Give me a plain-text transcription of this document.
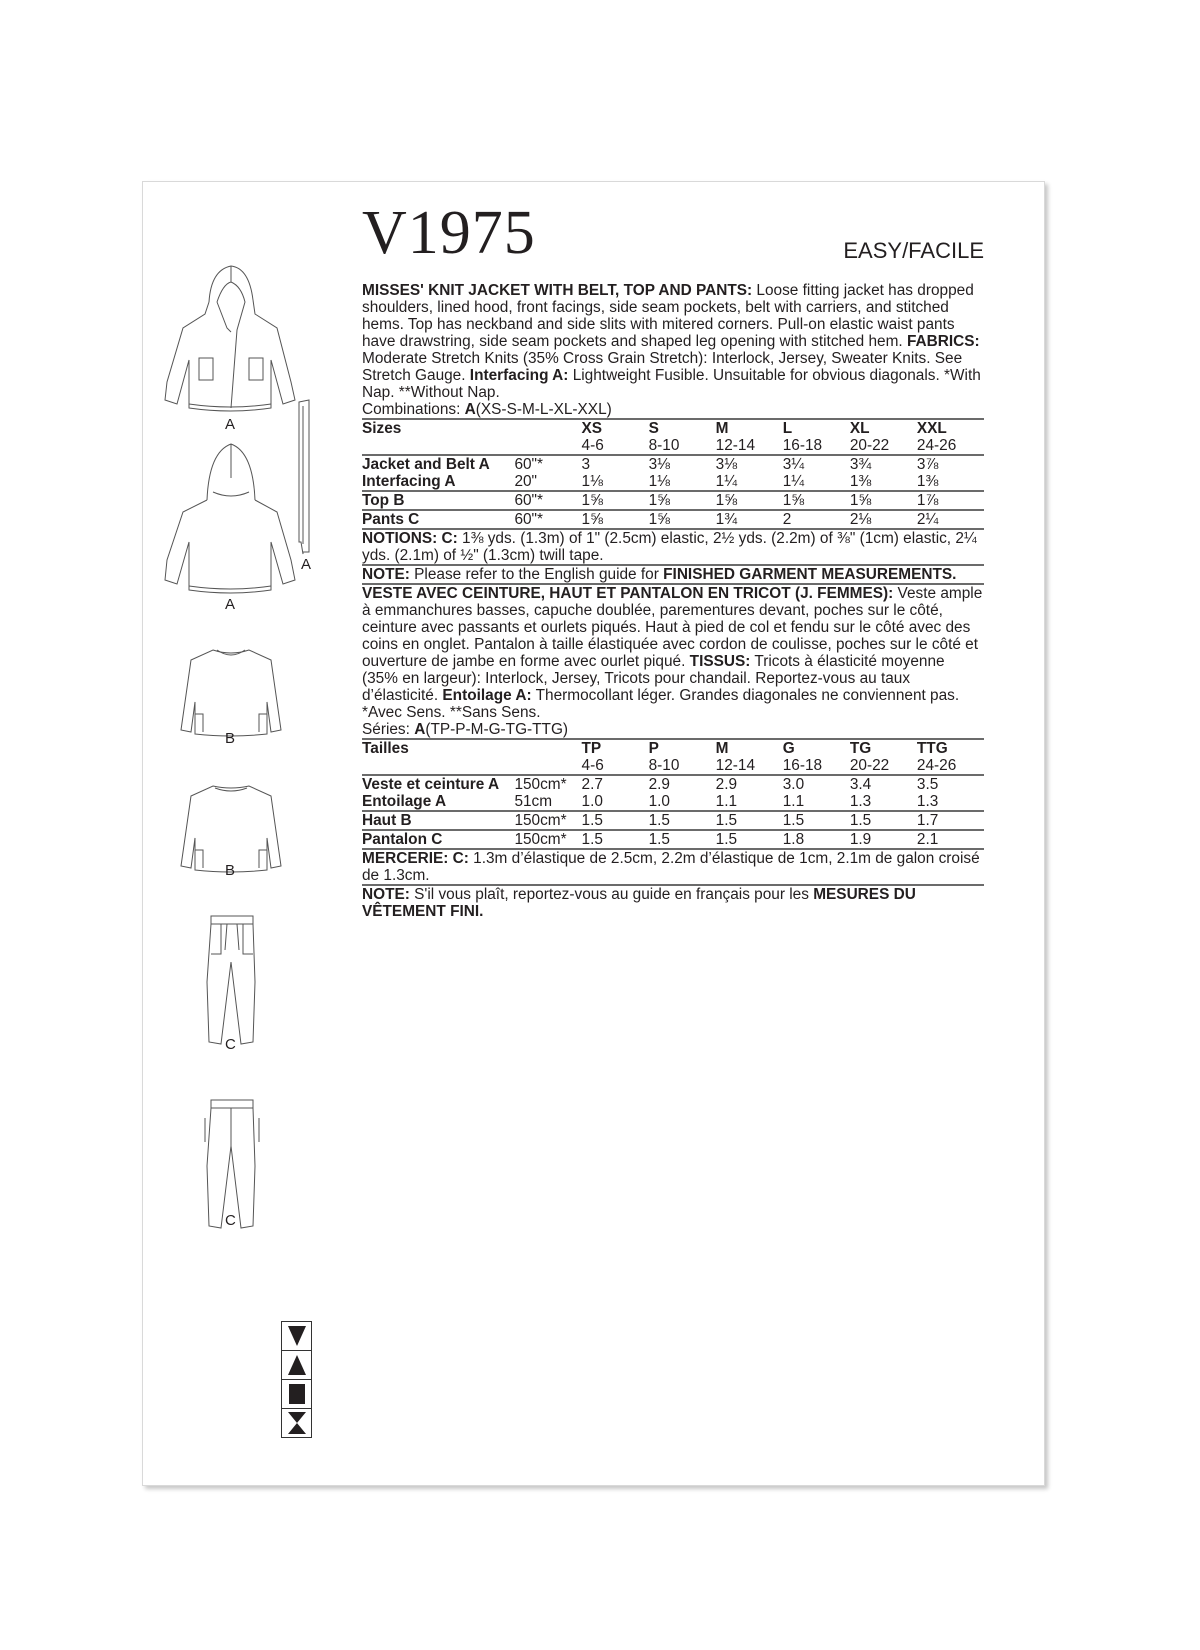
V1975	EASY/FACILE
A
A
A
B
B
C
C

MISSES' KNIT JACKET WITH BELT, TOP AND PANTS: Loose fitting jacket has dropped shoulders, lined hood, front facings, side seam pockets, belt with carriers, and stitched hems. Top has neckband and side slits with mitered corners. Pull-on elastic waist pants have drawstring, side seam pockets and shaped leg opening with stitched hem. FABRICS: Moderate Stretch Knits (35% Cross Grain Stretch): Interlock, Jersey, Sweater Knits. See Stretch Gauge. Interfacing A: Lightweight Fusible. Unsuitable for obvious diagonals. *With Nap. **Without Nap.

Combinations: A(XS-S-M-L-XL-XXL)

Sizes		XS	S	M	L	XL	XXL
		4-6	8-10	12-14	16-18	20-22	24-26
Jacket and Belt A	60"*	3	3⅛	3⅛	3¼	3¾	3⅞
Interfacing A	20"	1⅛	1⅛	1¼	1¼	1⅜	1⅜
Top B	60"*	1⅝	1⅝	1⅝	1⅝	1⅝	1⅞
Pants C	60"*	1⅝	1⅝	1¾	2	2⅛	2¼

NOTIONS: C: 1⅜ yds. (1.3m) of 1" (2.5cm) elastic, 2½ yds. (2.2m) of ⅜" (1cm) elastic, 2¼ yds. (2.1m) of ½" (1.3cm) twill tape.

NOTE: Please refer to the English guide for FINISHED GARMENT MEASUREMENTS.

VESTE AVEC CEINTURE, HAUT ET PANTALON EN TRICOT (J. FEMMES): Veste ample à emmanchures basses, capuche doublée, parementures devant, poches sur le côté, ceinture avec passants et ourlets piqués. Haut à pied de col et fendu sur le côté avec des coins en onglet. Pantalon à taille élastiquée avec cordon de coulisse, poches sur le côté et ouverture de jambe en forme avec ourlet piqué. TISSUS: Tricots à élasticité moyenne (35% en largeur): Interlock, Jersey, Tricots pour chandail. Reportez-vous au taux d’élasticité. Entoilage A: Thermocollant léger. Grandes diagonales ne conviennent pas. *Avec Sens. **Sans Sens.

Séries: A(TP-P-M-G-TG-TTG)

Tailles		TP	P	M	G	TG	TTG
		4-6	8-10	12-14	16-18	20-22	24-26
Veste et ceinture A	150cm*	2.7	2.9	2.9	3.0	3.4	3.5
Entoilage A	51cm	1.0	1.0	1.1	1.1	1.3	1.3
Haut B	150cm*	1.5	1.5	1.5	1.5	1.5	1.7
Pantalon C	150cm*	1.5	1.5	1.5	1.8	1.9	2.1

MERCERIE: C: 1.3m d’élastique de 2.5cm, 2.2m d’élastique de 1cm, 2.1m de galon croisé de 1.3cm.

NOTE: S'il vous plaît, reportez-vous au guide en français pour les MESURES DU VÊTEMENT FINI.
